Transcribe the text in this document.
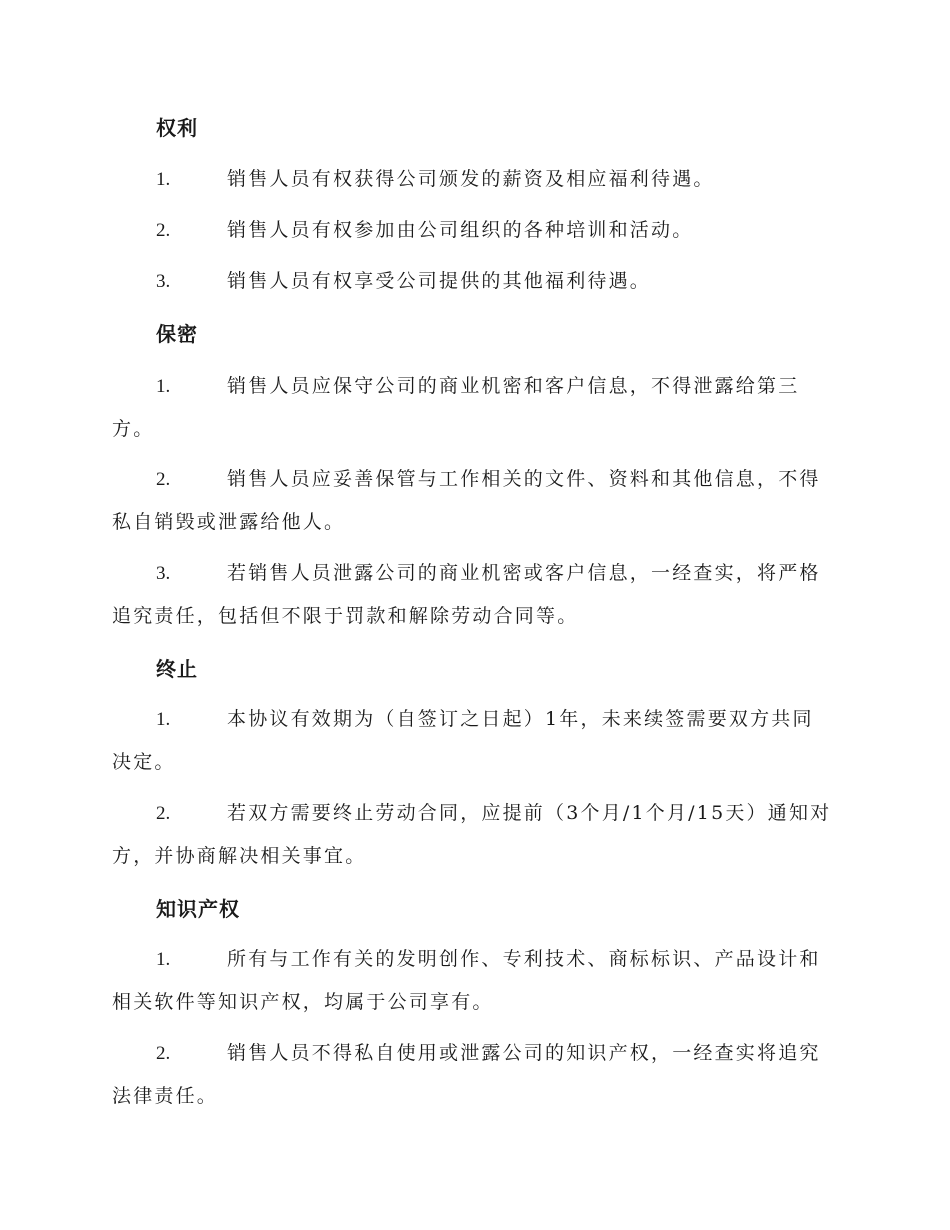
权利

1.	销售人员有权获得公司颁发的薪资及相应福利待遇。

2.	销售人员有权参加由公司组织的各种培训和活动。

3.	销售人员有权享受公司提供的其他福利待遇。

保密

1.	销售人员应保守公司的商业机密和客户信息，不得泄露给第三方。

2.	销售人员应妥善保管与工作相关的文件、资料和其他信息，不得私自销毁或泄露给他人。

3.	若销售人员泄露公司的商业机密或客户信息，一经查实，将严格追究责任，包括但不限于罚款和解除劳动合同等。

终止

1.	本协议有效期为（自签订之日起）1年，未来续签需要双方共同决定。

2.	若双方需要终止劳动合同，应提前（3个月/1个月/15天）通知对方，并协商解决相关事宜。

知识产权

1.	所有与工作有关的发明创作、专利技术、商标标识、产品设计和相关软件等知识产权，均属于公司享有。

2.	销售人员不得私自使用或泄露公司的知识产权，一经查实将追究法律责任。
